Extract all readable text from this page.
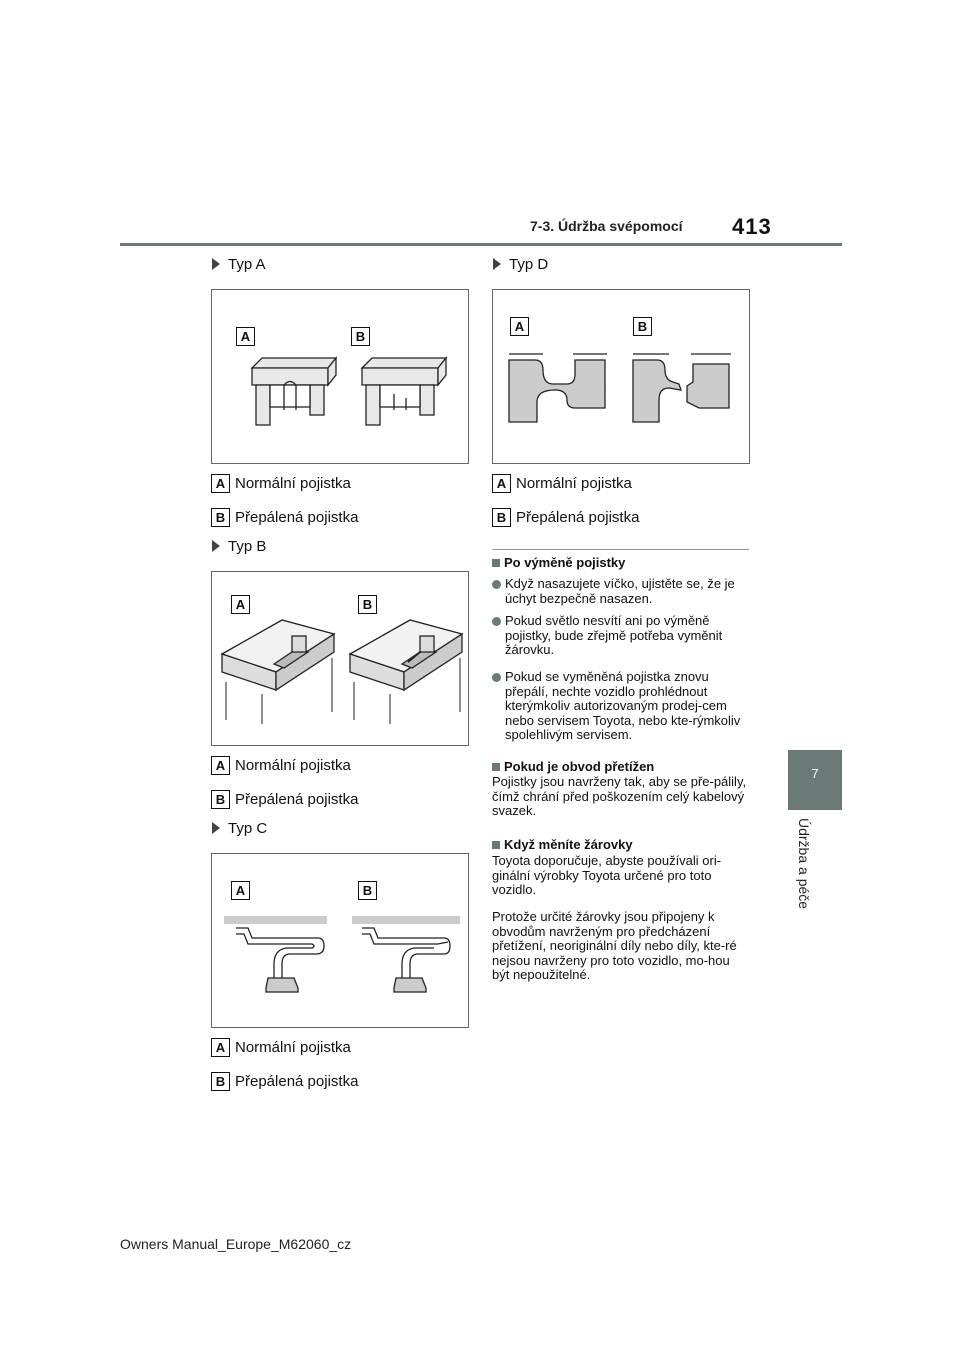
7-3. Údržba svépomocí 413
7
Údržba a péče
Typ A
A	B
A Normální pojistka
B Přepálená pojistka
Typ B
A	B
A Normální pojistka
B Přepálená pojistka
Typ C
A	B
A Normální pojistka
B Přepálená pojistka
Typ D
A	B
A Normální pojistka
B Přepálená pojistka
Po výměně pojistky
Když nasazujete víčko, ujistěte se, že je úchyt bezpečně nasazen.
Pokud světlo nesvítí ani po výměně pojistky, bude zřejmě potřeba vyměnit žárovku.
Pokud se vyměněná pojistka znovu přepálí, nechte vozidlo prohlédnout kterýmkoliv autorizovaným prodej-cem nebo servisem Toyota, nebo kte-rýmkoliv spolehlivým servisem.
Pokud je obvod přetížen
Pojistky jsou navrženy tak, aby se pře-pálily, čímž chrání před poškozením celý kabelový svazek.
Když měníte žárovky
Toyota doporučuje, abyste používali ori-ginální výrobky Toyota určené pro toto vozidlo.
Protože určité žárovky jsou připojeny k obvodům navrženým pro předcházení přetížení, neoriginální díly nebo díly, kte-ré nejsou navrženy pro toto vozidlo, mo-hou být nepoužitelné.
Owners Manual_Europe_M62060_cz
